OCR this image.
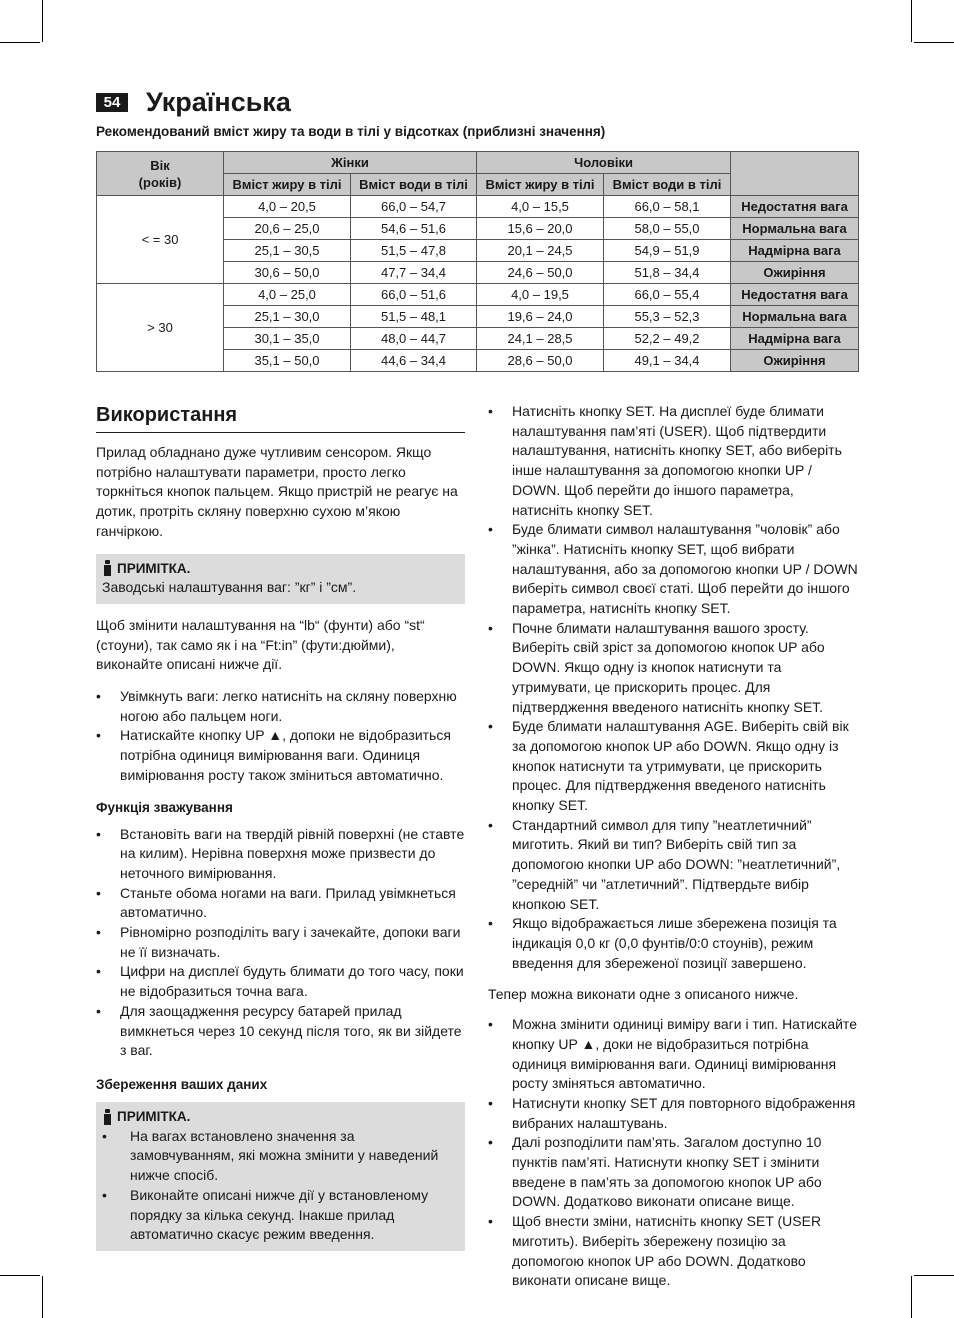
54 Українська
Рекомендований вміст жиру та води в тілі у відсотках (приблизні значення)
Вік
(років)	Жінки		Чоловіки		
	Вміст жиру в тілі	Вміст води в тілі	Вміст жиру в тілі	Вміст води в тілі	
< = 30	4,0 – 20,5	66,0 – 54,7	4,0 – 15,5	66,0 – 58,1	Недостатня вага
	20,6 – 25,0	54,6 – 51,6	15,6 – 20,0	58,0 – 55,0	Нормальна вага
	25,1 – 30,5	51,5 – 47,8	20,1 – 24,5	54,9 – 51,9	Надмірна вага
	30,6 – 50,0	47,7 – 34,4	24,6 – 50,0	51,8 – 34,4	Ожиріння
> 30	4,0 – 25,0	66,0 – 51,6	4,0 – 19,5	66,0 – 55,4	Недостатня вага
	25,1 – 30,0	51,5 – 48,1	19,6 – 24,0	55,3 – 52,3	Нормальна вага
	30,1 – 35,0	48,0 – 44,7	24,1 – 28,5	52,2 – 49,2	Надмірна вага
	35,1 – 50,0	44,6 – 34,4	28,6 – 50,0	49,1 – 34,4	Ожиріння
Використання

Прилад обладнано дуже чутливим сенсором. Якщо потрібно налаштувати параметри, просто легко торкніться кнопок пальцем. Якщо пристрій не реагує на дотик, протріть скляну поверхню сухою м’якою ганчіркою.

ПРИМІТКА.

Заводські налаштування ваг: ”кг” і ”см”.

Щоб змінити налаштування на “lb“ (фунти) або “st“ (стоуни), так само як і на “Ft:in” (фути:дюйми), виконайте описані нижче дії.

• Увімкнуть ваги: легко натисніть на скляну поверхню ногою або пальцем ноги.
• Натискайте кнопку UP ▲, допоки не відобразиться потрібна одиниця вимірювання ваги. Одиниця вимірювання росту також зміниться автоматично.
Функція зважування
• Встановіть ваги на твердій рівній поверхні (не ставте на килим). Нерівна поверхня може призвести до неточного вимірювання.
• Станьте обома ногами на ваги. Прилад увімкнеться автоматично.
• Рівномірно розподіліть вагу і зачекайте, допоки ваги не її визначать.
• Цифри на дисплеї будуть блимати до того часу, поки не відобразиться точна вага.
• Для заощадження ресурсу батарей прилад вимкнеться через 10 секунд після того, як ви зійдете з ваг.
Збереження ваших даних
ПРИМІТКА.
• На вагах встановлено значення за замовчуванням, які можна змінити у наведений нижче спосіб.
• Виконайте описані нижче дії у встановленому порядку за кілька секунд. Інакше прилад автоматично скасує режим введення.
• Натисніть кнопку SET. На дисплеї буде блимати налаштування пам’яті (USER). Щоб підтвердити налаштування, натисніть кнопку SET, або виберіть інше налаштування за допомогою кнопки UP / DOWN. Щоб перейти до іншого параметра, натисніть кнопку SET.
• Буде блимати символ налаштування ”чоловік” або ”жінка”. Натисніть кнопку SET, щоб вибрати налаштування, або за допомогою кнопки UP / DOWN виберіть символ своєї статі. Щоб перейти до іншого параметра, натисніть кнопку SET.
• Почне блимати налаштування вашого зросту. Виберіть свій зріст за допомогою кнопок UP або DOWN. Якщо одну із кнопок натиснути та утримувати, це прискорить процес. Для підтвердження введеного натисніть кнопку SET.
• Буде блимати налаштування AGE. Виберіть свій вік за допомогою кнопок UP або DOWN. Якщо одну із кнопок натиснути та утримувати, це прискорить процес. Для підтвердження введеного натисніть кнопку SET.
• Стандартний символ для типу ”неатлетичний” миготить. Який ви тип? Виберіть свій тип за допомогою кнопки UP або DOWN: ”неатлетичний”, ”середній” чи ”атлетичний”. Підтвердьте вибір кнопкою SET.
• Якщо відображається лише збережена позиція та індикація 0,0 кг (0,0 фунтів/0:0 стоунів), режим введення для збереженої позиції завершено.

Тепер можна виконати одне з описаного нижче.

• Можна змінити одиниці виміру ваги і тип. Натискайте кнопку UP ▲, доки не відобразиться потрібна одиниця вимірювання ваги. Одиниці вимірювання росту зміняться автоматично.
• Натиснути кнопку SET для повторного відображення вибраних налаштувань.
• Далі розподілити пам’ять. Загалом доступно 10 пунктів пам’яті. Натиснути кнопку SET і змінити введене в пам’ять за допомогою кнопок UP або DOWN. Додатково виконати описане вище.
• Щоб внести зміни, натисніть кнопку SET (USER миготить). Виберіть збережену позицію за допомогою кнопок UP або DOWN. Додатково виконати описане вище.
